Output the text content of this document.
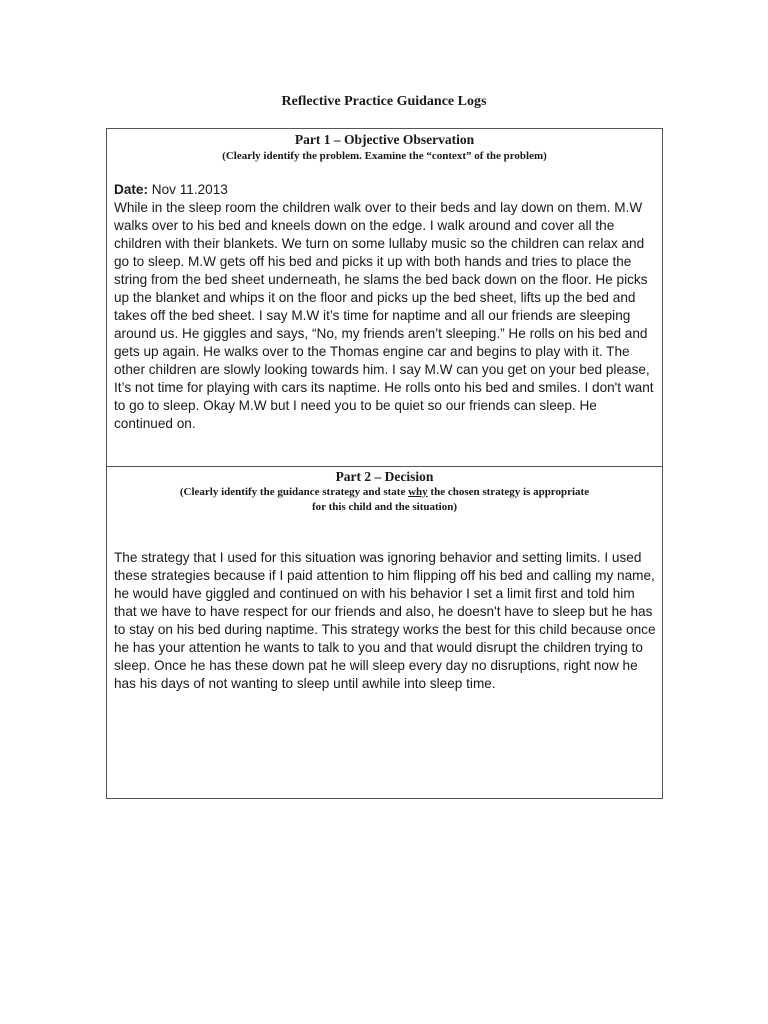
Reflective Practice Guidance Logs
Part 1 – Objective Observation
(Clearly identify the problem. Examine the “context” of the problem)
Date: Nov 11.2013
While in the sleep room the children walk over to their beds and lay down on them. M.W walks over to his bed and kneels down on the edge. I walk around and cover all the children with their blankets. We turn on some lullaby music so the children can relax and go to sleep. M.W gets off his bed and picks it up with both hands and tries to place the string from the bed sheet underneath, he slams the bed back down on the floor. He picks up the blanket and whips it on the floor and picks up the bed sheet, lifts up the bed and takes off the bed sheet. I say M.W it’s time for naptime and all our friends are sleeping around us. He giggles and says, “No, my friends aren’t sleeping.” He rolls on his bed and gets up again. He walks over to the Thomas engine car and begins to play with it. The other children are slowly looking towards him. I say M.W can you get on your bed please, It’s not time for playing with cars its naptime. He rolls onto his bed and smiles. I don't want to go to sleep. Okay M.W but I need you to be quiet so our friends can sleep. He continued on.
Part 2 – Decision
(Clearly identify the guidance strategy and state why the chosen strategy is appropriate
for this child and the situation)
The strategy that I used for this situation was ignoring behavior and setting limits. I used these strategies because if I paid attention to him flipping off his bed and calling my name, he would have giggled and continued on with his behavior I set a limit first and told him that we have to have respect for our friends and also, he doesn't have to sleep but he has to stay on his bed during naptime. This strategy works the best for this child because once he has your attention he wants to talk to you and that would disrupt the children trying to sleep. Once he has these down pat he will sleep every day no disruptions, right now he has his days of not wanting to sleep until awhile into sleep time.
